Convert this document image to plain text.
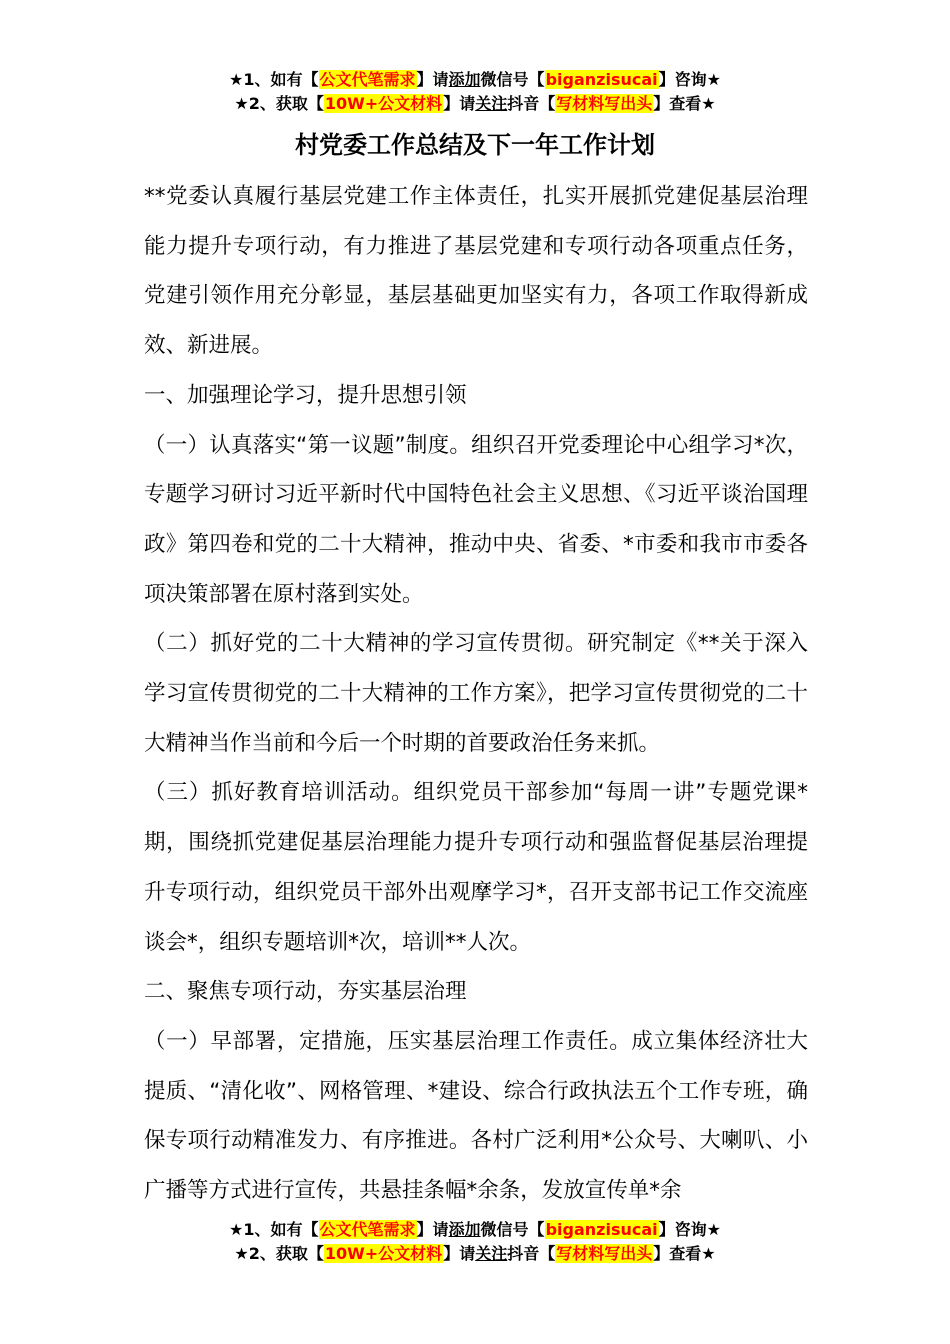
★1、如有【公文代笔需求】请添加微信号【biganzisucai】咨询★
★2、获取【10W+公文材料】请关注抖音【写材料写出头】查看★
村党委工作总结及下一年工作计划

**党委认真履行基层党建工作主体责任，扎实开展抓党建促基层治理能力提升专项行动，有力推进了基层党建和专项行动各项重点任务，党建引领作用充分彰显，基层基础更加坚实有力，各项工作取得新成效、新进展。

一、加强理论学习，提升思想引领

（一）认真落实“第一议题”制度。组织召开党委理论中心组学习*次，专题学习研讨习近平新时代中国特色社会主义思想、《习近平谈治国理政》第四卷和党的二十大精神，推动中央、省委、*市委和我市市委各项决策部署在原村落到实处。

（二）抓好党的二十大精神的学习宣传贯彻。研究制定《**关于深入学习宣传贯彻党的二十大精神的工作方案》，把学习宣传贯彻党的二十大精神当作当前和今后一个时期的首要政治任务来抓。

（三）抓好教育培训活动。组织党员干部参加“每周一讲”专题党课*期，围绕抓党建促基层治理能力提升专项行动和强监督促基层治理提升专项行动，组织党员干部外出观摩学习*，召开支部书记工作交流座谈会*，组织专题培训*次，培训**人次。

二、聚焦专项行动，夯实基层治理

（一）早部署，定措施，压实基层治理工作责任。成立集体经济壮大提质、“清化收”、网格管理、*建设、综合行政执法五个工作专班，确保专项行动精准发力、有序推进。各村广泛利用*公众号、大喇叭、小广播等方式进行宣传，共悬挂条幅*余条，发放宣传单*余

★1、如有【公文代笔需求】请添加微信号【biganzisucai】咨询★
★2、获取【10W+公文材料】请关注抖音【写材料写出头】查看★
